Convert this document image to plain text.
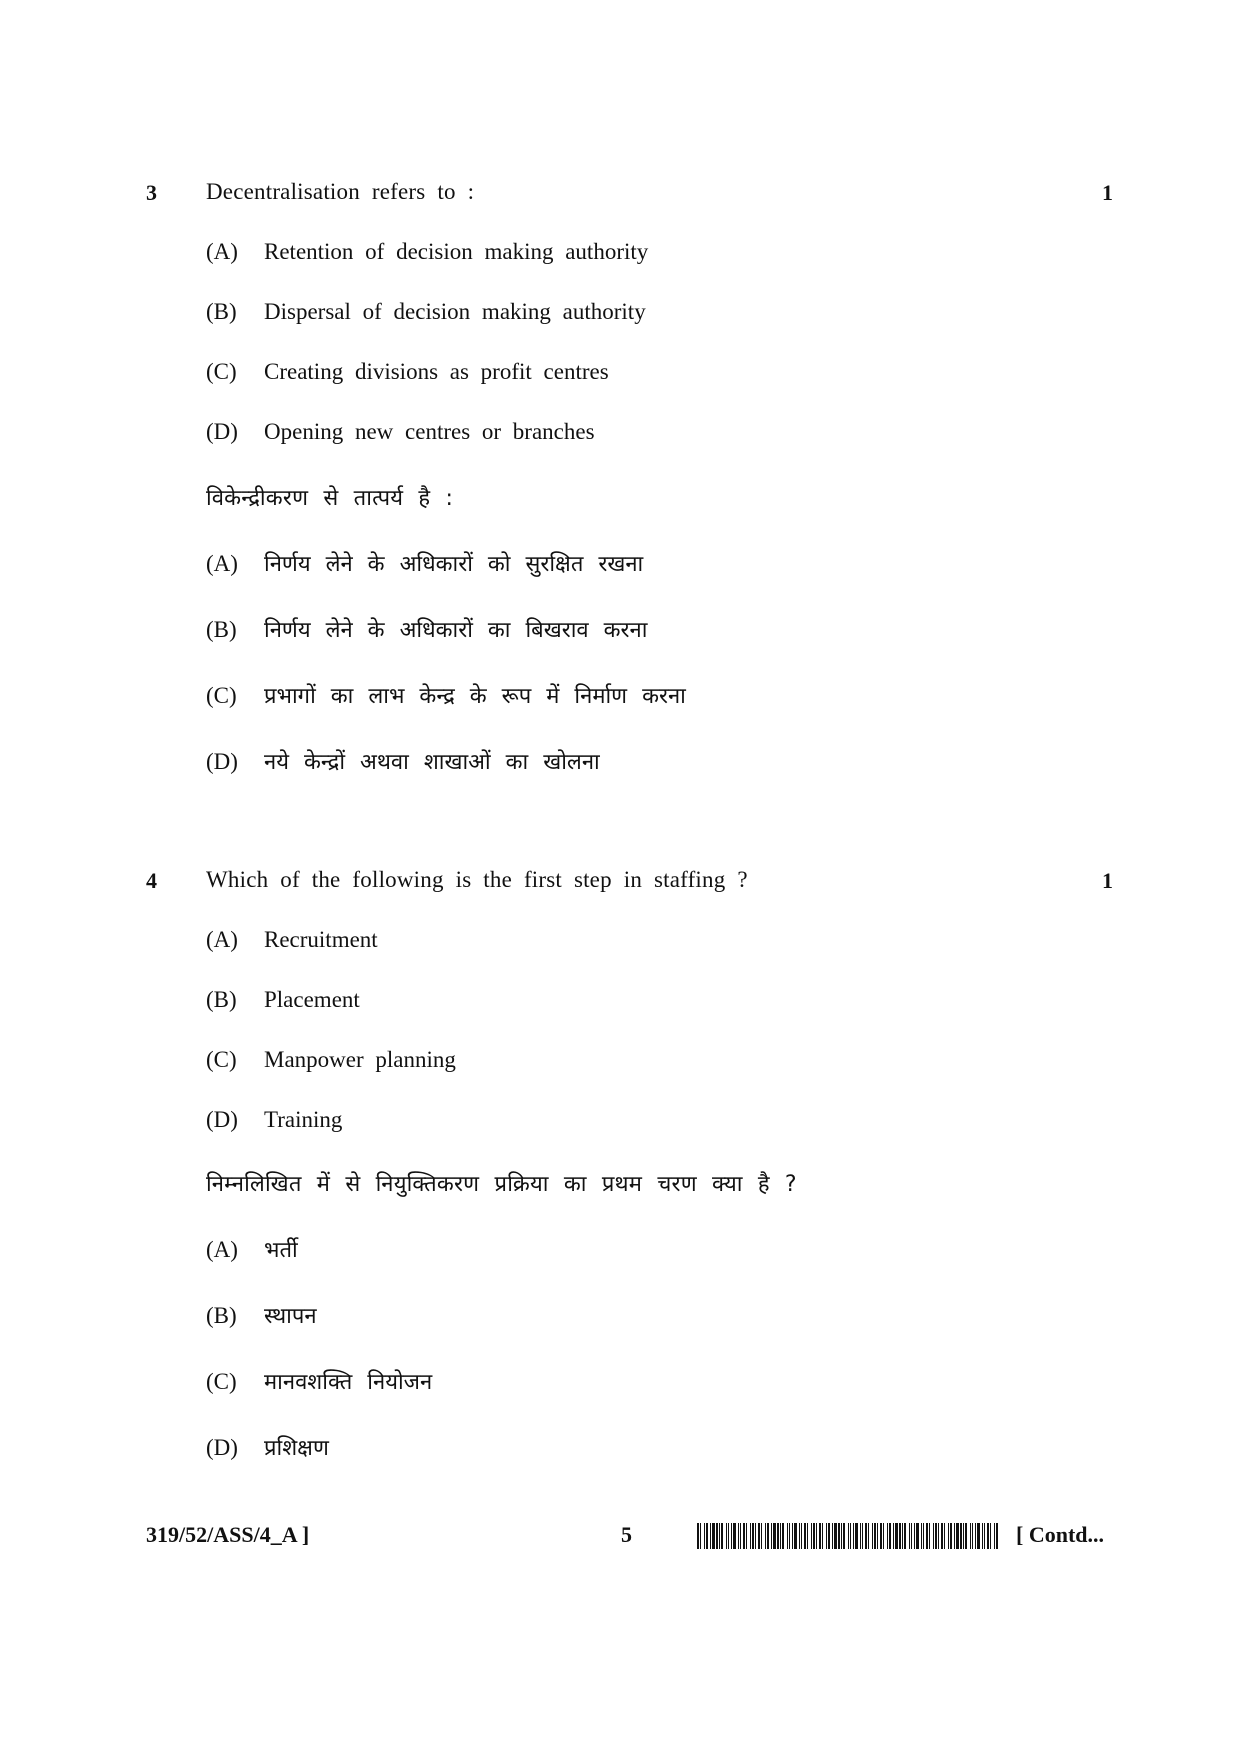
3 Decentralisation refers to :	1
(A) Retention of decision making authority
(B) Dispersal of decision making authority
(C) Creating divisions as profit centres
(D) Opening new centres or branches
विकेन्द्रीकरण से तात्पर्य है :
(A) निर्णय लेने के अधिकारों को सुरक्षित रखना
(B) निर्णय लेने के अधिकारों का बिखराव करना
(C) प्रभागों का लाभ केन्द्र के रूप में निर्माण करना
(D) नये केन्द्रों अथवा शाखाओं का खोलना
4 Which of the following is the first step in staffing ?	1
(A) Recruitment
(B) Placement
(C) Manpower planning
(D) Training
निम्नलिखित में से नियुक्तिकरण प्रक्रिया का प्रथम चरण क्या है ?
(A) भर्ती
(B) स्थापन
(C) मानवशक्ति नियोजन
(D) प्रशिक्षण
319/52/ASS/4_A ]	5	[ Contd...
